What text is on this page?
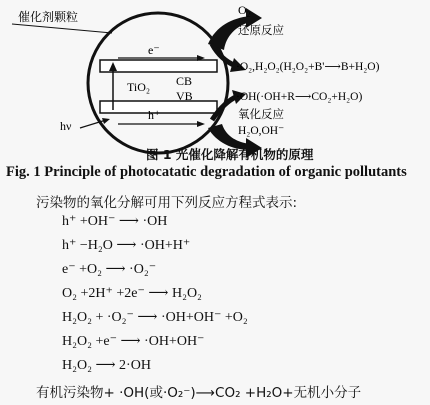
催化剂颗粒
CB
TiO₂
VB
e⁻
h⁺
hν
$O_2$
还原反应
·O₂,H₂O₂(H₂O₂+B'⟶B+H₂O)
·OH(·OH+R⟶CO₂+H₂O)
氧化反应
H₂O,OH⁻
图 1 光催化降解有机物的原理
Fig. 1 Principle of photocatatic degradation of organic pollutants
污染物的氧化分解可用下列反应方程式表示:
h⁺ +OH⁻ ⟶ ·OH
h⁺ −H₂O ⟶ ·OH+H⁺
e⁻ +O₂ ⟶ ·O₂⁻
O₂ +2H⁺ +2e⁻ ⟶ H₂O₂
H₂O₂ + ·O₂⁻ ⟶ ·OH+OH⁻ +O₂
H₂O₂ +e⁻ ⟶ ·OH+OH⁻
H₂O₂ ⟶ 2·OH
有机污染物+ ·OH(或·O₂⁻)⟶CO₂ +H₂O+无机小分子
